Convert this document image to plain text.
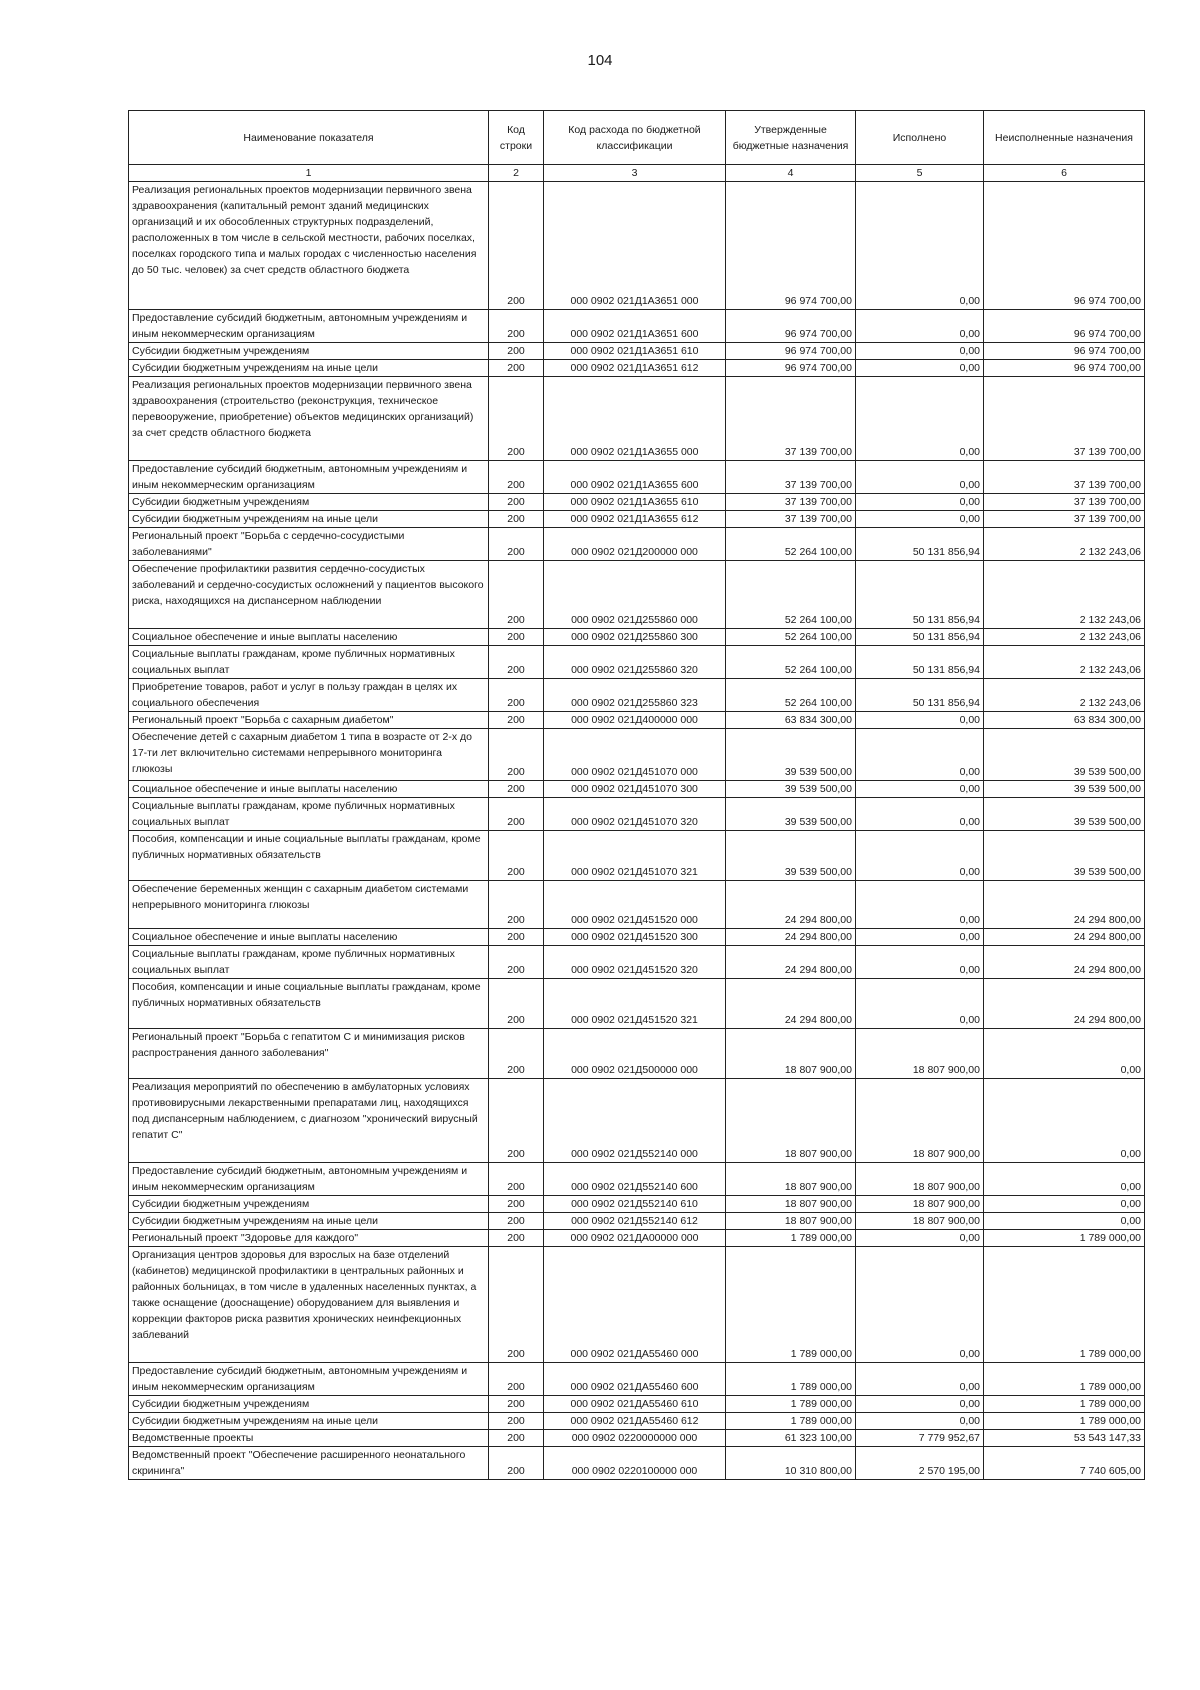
104
Наименование показателя	Код строки	Код расхода по бюджетной классификации	Утвержденные бюджетные назначения	Исполнено	Неисполненные назначения
1	2	3	4	5	6
Реализация региональных проектов модернизации первичного звена здравоохранения (капитальный ремонт зданий медицинских организаций и их обособленных структурных подразделений, расположенных в том числе в сельской местности, рабочих поселках, поселках городского типа и малых городах с численностью населения до 50 тыс. человек) за счет средств областного бюджета	200	000 0902 021Д1А3651 000	96 974 700,00	0,00	96 974 700,00
Предоставление субсидий бюджетным, автономным учреждениям и иным некоммерческим организациям	200	000 0902 021Д1А3651 600	96 974 700,00	0,00	96 974 700,00
Субсидии бюджетным учреждениям	200	000 0902 021Д1А3651 610	96 974 700,00	0,00	96 974 700,00
Субсидии бюджетным учреждениям на иные цели	200	000 0902 021Д1А3651 612	96 974 700,00	0,00	96 974 700,00
Реализация региональных проектов модернизации первичного звена здравоохранения (строительство (реконструкция, техническое перевооружение, приобретение) объектов медицинских организаций) за счет средств областного бюджета	200	000 0902 021Д1А3655 000	37 139 700,00	0,00	37 139 700,00
Предоставление субсидий бюджетным, автономным учреждениям и иным некоммерческим организациям	200	000 0902 021Д1А3655 600	37 139 700,00	0,00	37 139 700,00
Субсидии бюджетным учреждениям	200	000 0902 021Д1А3655 610	37 139 700,00	0,00	37 139 700,00
Субсидии бюджетным учреждениям на иные цели	200	000 0902 021Д1А3655 612	37 139 700,00	0,00	37 139 700,00
Региональный проект "Борьба с сердечно-сосудистыми заболеваниями"	200	000 0902 021Д200000 000	52 264 100,00	50 131 856,94	2 132 243,06
Обеспечение профилактики развития сердечно-сосудистых заболеваний и сердечно-сосудистых осложнений у пациентов высокого риска, находящихся на диспансерном наблюдении	200	000 0902 021Д255860 000	52 264 100,00	50 131 856,94	2 132 243,06
Социальное обеспечение и иные выплаты населению	200	000 0902 021Д255860 300	52 264 100,00	50 131 856,94	2 132 243,06
Социальные выплаты гражданам, кроме публичных нормативных социальных выплат	200	000 0902 021Д255860 320	52 264 100,00	50 131 856,94	2 132 243,06
Приобретение товаров, работ и услуг в пользу граждан в целях их социального обеспечения	200	000 0902 021Д255860 323	52 264 100,00	50 131 856,94	2 132 243,06
Региональный проект "Борьба с сахарным диабетом"	200	000 0902 021Д400000 000	63 834 300,00	0,00	63 834 300,00
Обеспечение детей с сахарным диабетом 1 типа в возрасте от 2-х до 17-ти лет включительно системами непрерывного мониторинга глюкозы	200	000 0902 021Д451070 000	39 539 500,00	0,00	39 539 500,00
Социальное обеспечение и иные выплаты населению	200	000 0902 021Д451070 300	39 539 500,00	0,00	39 539 500,00
Социальные выплаты гражданам, кроме публичных нормативных социальных выплат	200	000 0902 021Д451070 320	39 539 500,00	0,00	39 539 500,00
Пособия, компенсации и иные социальные выплаты гражданам, кроме публичных нормативных обязательств	200	000 0902 021Д451070 321	39 539 500,00	0,00	39 539 500,00
Обеспечение беременных женщин с сахарным диабетом системами непрерывного мониторинга глюкозы	200	000 0902 021Д451520 000	24 294 800,00	0,00	24 294 800,00
Социальное обеспечение и иные выплаты населению	200	000 0902 021Д451520 300	24 294 800,00	0,00	24 294 800,00
Социальные выплаты гражданам, кроме публичных нормативных социальных выплат	200	000 0902 021Д451520 320	24 294 800,00	0,00	24 294 800,00
Пособия, компенсации и иные социальные выплаты гражданам, кроме публичных нормативных обязательств	200	000 0902 021Д451520 321	24 294 800,00	0,00	24 294 800,00
Региональный проект "Борьба с гепатитом С и минимизация рисков распространения данного заболевания"	200	000 0902 021Д500000 000	18 807 900,00	18 807 900,00	0,00
Реализация мероприятий по обеспечению в амбулаторных условиях противовирусными лекарственными препаратами лиц, находящихся под диспансерным наблюдением, с диагнозом "хронический вирусный гепатит С"	200	000 0902 021Д552140 000	18 807 900,00	18 807 900,00	0,00
Предоставление субсидий бюджетным, автономным учреждениям и иным некоммерческим организациям	200	000 0902 021Д552140 600	18 807 900,00	18 807 900,00	0,00
Субсидии бюджетным учреждениям	200	000 0902 021Д552140 610	18 807 900,00	18 807 900,00	0,00
Субсидии бюджетным учреждениям на иные цели	200	000 0902 021Д552140 612	18 807 900,00	18 807 900,00	0,00
Региональный проект "Здоровье для каждого"	200	000 0902 021ДА00000 000	1 789 000,00	0,00	1 789 000,00
Организация центров здоровья для взрослых на базе отделений (кабинетов) медицинской профилактики в центральных районных и районных больницах, в том числе в удаленных населенных пунктах, а также оснащение (дооснащение) оборудованием для выявления и коррекции факторов риска развития хронических неинфекционных заблеваний	200	000 0902 021ДА55460 000	1 789 000,00	0,00	1 789 000,00
Предоставление субсидий бюджетным, автономным учреждениям и иным некоммерческим организациям	200	000 0902 021ДА55460 600	1 789 000,00	0,00	1 789 000,00
Субсидии бюджетным учреждениям	200	000 0902 021ДА55460 610	1 789 000,00	0,00	1 789 000,00
Субсидии бюджетным учреждениям на иные цели	200	000 0902 021ДА55460 612	1 789 000,00	0,00	1 789 000,00
Ведомственные проекты	200	000 0902 0220000000 000	61 323 100,00	7 779 952,67	53 543 147,33
Ведомственный проект "Обеспечение расширенного неонатального скрининга"	200	000 0902 0220100000 000	10 310 800,00	2 570 195,00	7 740 605,00
